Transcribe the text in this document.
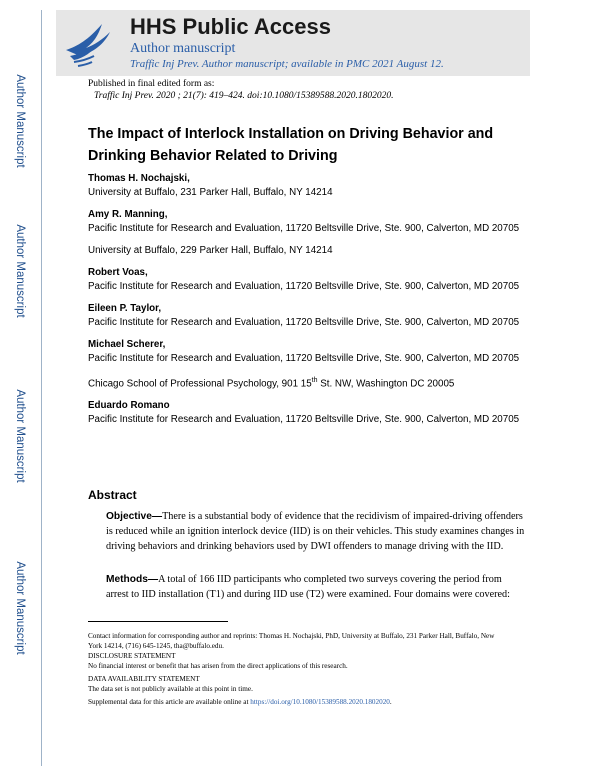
Author Manuscript
Author Manuscript
Author Manuscript
Author Manuscript
HHS Public Access
Author manuscript
Traffic Inj Prev. Author manuscript; available in PMC 2021 August 12.
Published in final edited form as:
Traffic Inj Prev. 2020 ; 21(7): 419–424. doi:10.1080/15389588.2020.1802020.
The Impact of Interlock Installation on Driving Behavior and Drinking Behavior Related to Driving
Thomas H. Nochajski,
University at Buffalo, 231 Parker Hall, Buffalo, NY 14214
Amy R. Manning,
Pacific Institute for Research and Evaluation, 11720 Beltsville Drive, Ste. 900, Calverton, MD 20705
University at Buffalo, 229 Parker Hall, Buffalo, NY 14214
Robert Voas,
Pacific Institute for Research and Evaluation, 11720 Beltsville Drive, Ste. 900, Calverton, MD 20705
Eileen P. Taylor,
Pacific Institute for Research and Evaluation, 11720 Beltsville Drive, Ste. 900, Calverton, MD 20705
Michael Scherer,
Pacific Institute for Research and Evaluation, 11720 Beltsville Drive, Ste. 900, Calverton, MD 20705
Chicago School of Professional Psychology, 901 15th St. NW, Washington DC 20005
Eduardo Romano
Pacific Institute for Research and Evaluation, 11720 Beltsville Drive, Ste. 900, Calverton, MD 20705
Abstract
Objective—There is a substantial body of evidence that the recidivism of impaired-driving offenders is reduced while an ignition interlock device (IID) is on their vehicles. This study examines changes in driving behaviors and drinking behaviors used by DWI offenders to manage driving with the IID.
Methods—A total of 166 IID participants who completed two surveys covering the period from arrest to IID installation (T1) and during IID use (T2) were examined. Four domains were covered:
Contact information for corresponding author and reprints: Thomas H. Nochajski, PhD, University at Buffalo, 231 Parker Hall, Buffalo, New York 14214, (716) 645-1245, tha@buffalo.edu.
DISCLOSURE STATEMENT
No financial interest or benefit that has arisen from the direct applications of this research.
DATA AVAILABILITY STATEMENT
The data set is not publicly available at this point in time.
Supplemental data for this article are available online at https://doi.org/10.1080/15389588.2020.1802020.
